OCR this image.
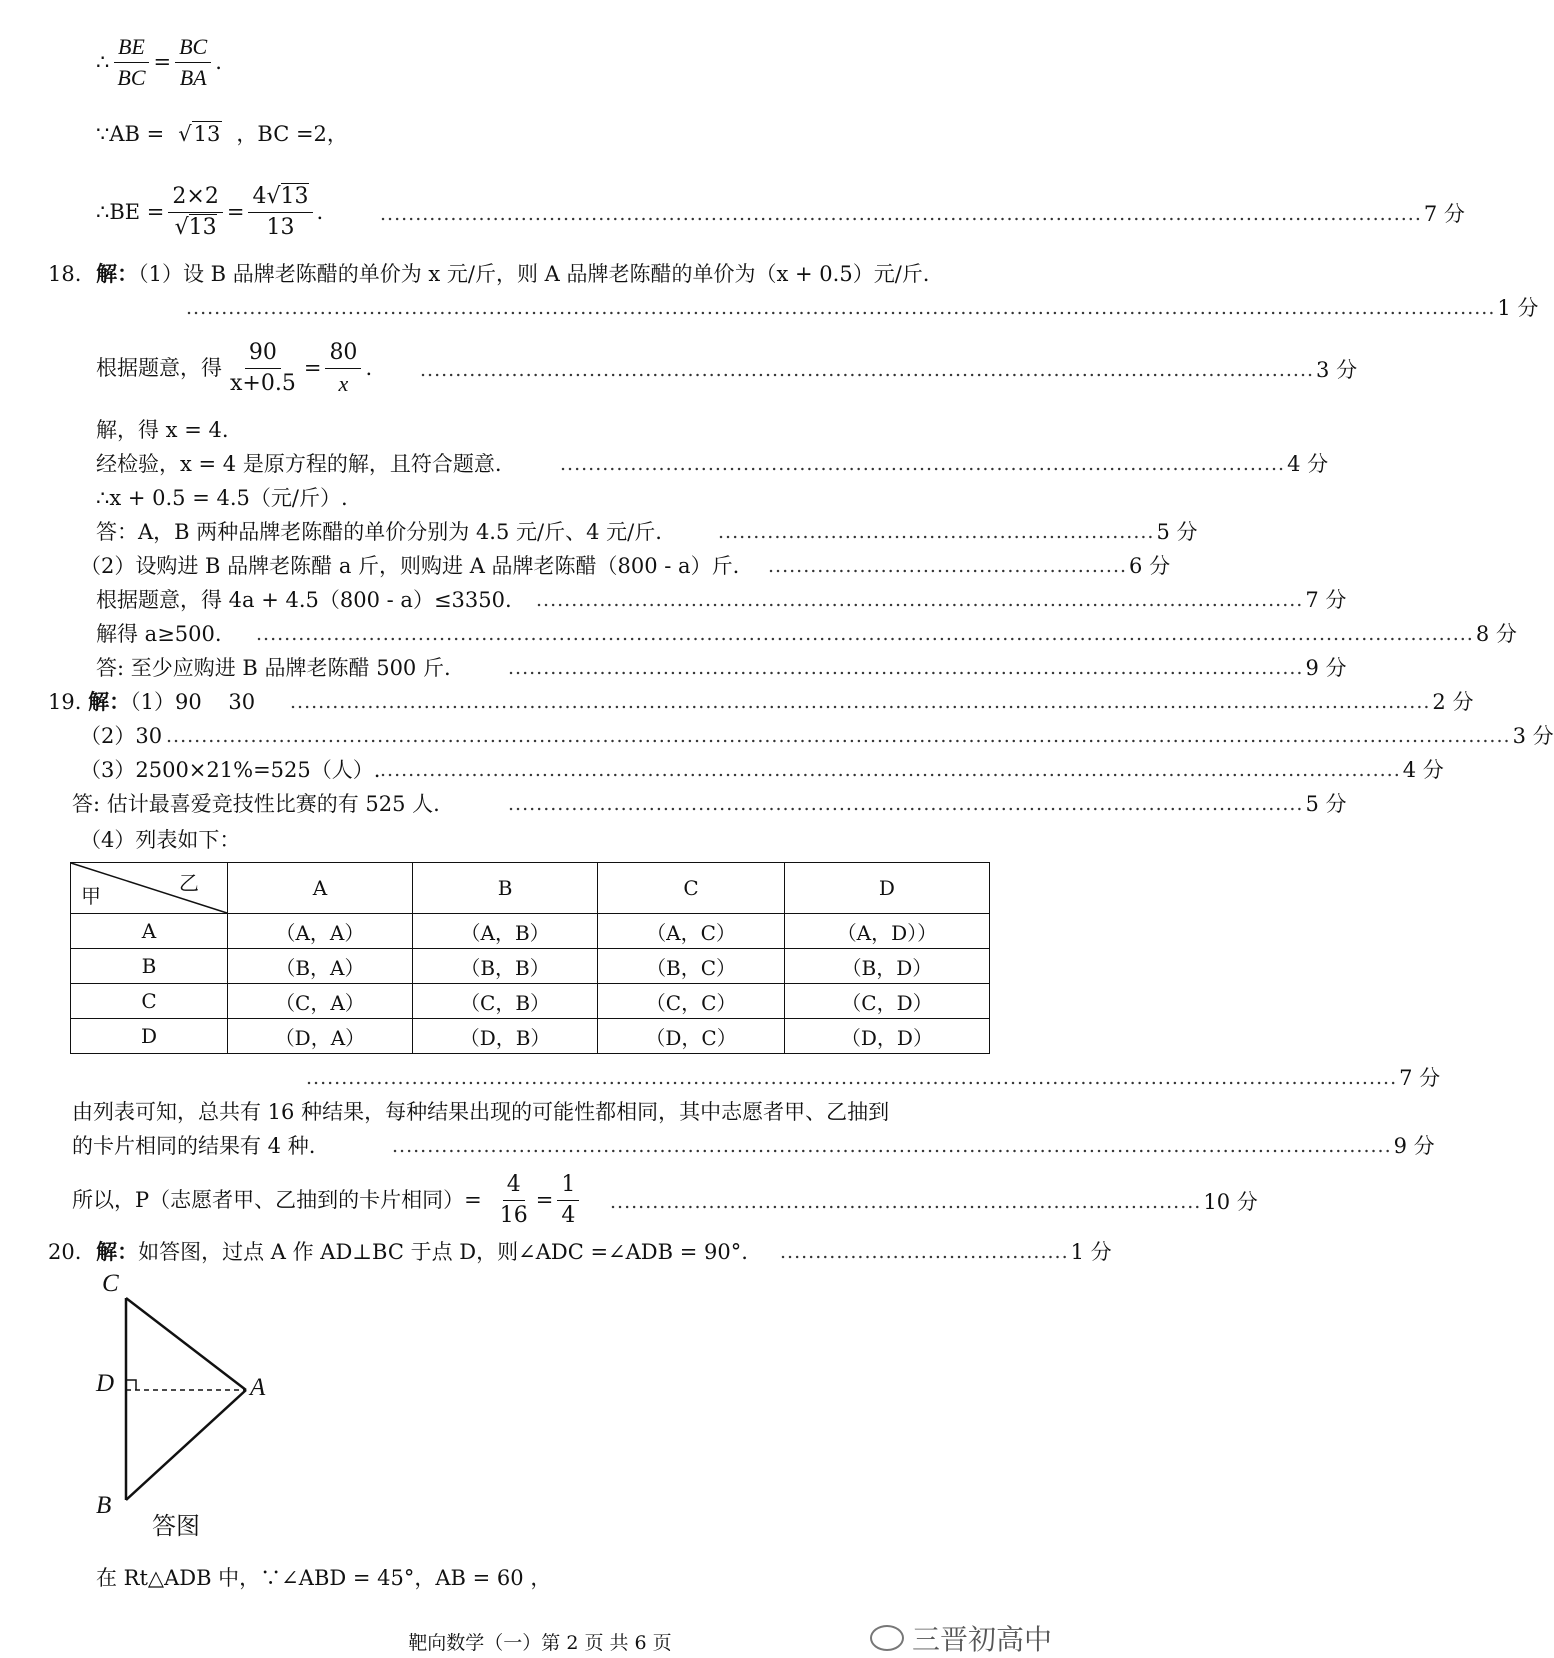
∴ $\frac{BE}{BC} = \frac{BC}{BA}$ .
∵ AB = √13 ，BC =2，
∴ BE = $\frac{2\times 2}{√13} = \frac{4√13}{13}$ .	.................................................................................................................................................... 7 分
18. 解：（1）设 B 品牌老陈醋的单价为 x 元/斤，则 A 品牌老陈醋的单价为（x + 0.5）元/斤.
.......................................................................................................................................................................................... 1 分
根据题意，得 $\frac{90}{x+0.5} = \frac{80}{x}$ .	............................................................................................................................... 3 分
解，得 x = 4.
经检验，x = 4 是原方程的解，且符合题意.	....................................................................................................... 4 分
∴x + 0.5 = 4.5（元/斤）.
答：A，B 两种品牌老陈醋的单价分别为 4.5 元/斤、4 元/斤.	.............................................................. 5 分
（2）设购进 B 品牌老陈醋 a 斤，则购进 A 品牌老陈醋（800 - a）斤. ................................................... 6 分
根据题意，得 4a + 4.5（800 - a）≤3350. ............................................................................................................. 7 分
解得 a≥500. ............................................................................................................................................................................. 8 分
答: 至少应购进 B 品牌老陈醋 500 斤.	................................................................................................................. 9 分
19. 解：（1）90    30 .................................................................................................................................................................. 2 分
（2）30 ............................................................................................................................................................................................... 3 分
（3）2500×21%=525（人）. ................................................................................................................................................. 4 分
答: 估计最喜爱竞技性比赛的有 525 人.	................................................................................................................. 5 分
（4）列表如下：
乙
甲	A	B	C	D
A	（A，A）	（A，B）	（A，C）	（A，D））
B	（B，A）	（B，B）	（B，C）	（B，D）
C	（C，A）	（C，B）	（C，C）	（C，D）
D	（D，A）	（D，B）	（D，C）	（D，D）
........................................................................................................................................................... 7 分
由列表可知，总共有 16 种结果，每种结果出现的可能性都相同，其中志愿者甲、乙抽到
的卡片相同的结果有 4 种.	.............................................................................................................................................. 9 分
所以，P（志愿者甲、乙抽到的卡片相同）= $\frac{4}{16} = \frac{1}{4}$ .................................................................................... 10 分
20. 解：如答图，过点 A 作 AD⊥BC 于点 D，则∠ADC =∠ADB = 90°. ......................................... 1 分
C
D	A
B
答图
在 Rt△ADB 中，∵∠ABD = 45°，AB = 60 ，
靶向数学（一）第 2 页 共 6 页	三晋初高中
